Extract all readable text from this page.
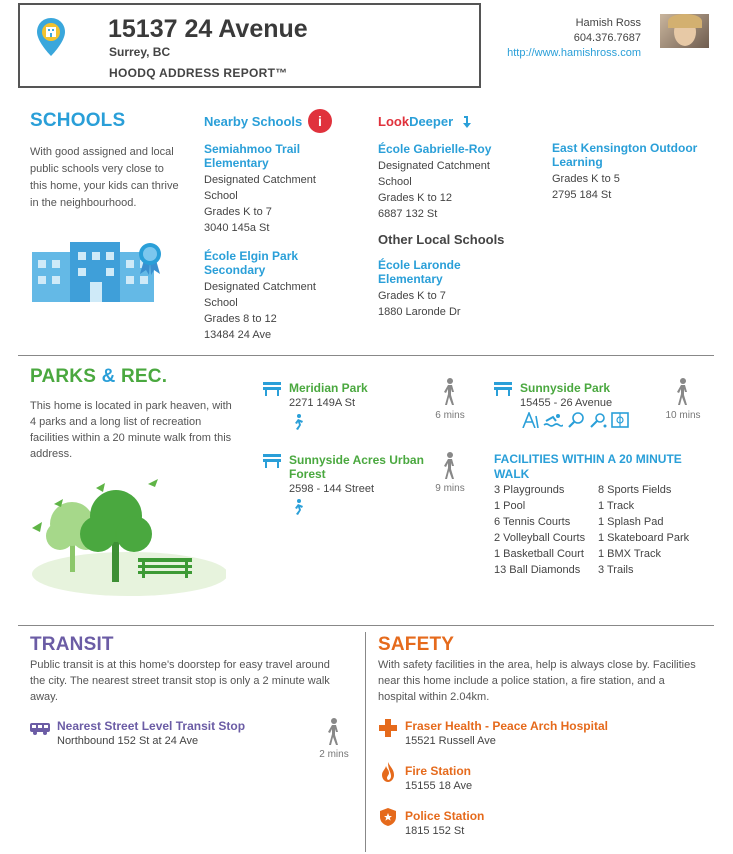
15137 24 Avenue
Surrey, BC
HOODQ ADDRESS REPORT™
Hamish Ross
604.376.7687
http://www.hamishross.com
SCHOOLS
With good assigned and local public schools very close to this home, your kids can thrive in the neighbourhood.
Nearby Schools	i
Semiahmoo Trail Elementary
Designated Catchment
School
Grades K to 7
3040 145a St
École Elgin Park Secondary
Designated Catchment
School
Grades 8 to 12
13484 24 Ave
LookDeeper
École Gabrielle-Roy
Designated Catchment
School
Grades K to 12
6887 132 St
East Kensington Outdoor Learning
Grades K to 5
2795 184 St
Other Local Schools
École Laronde Elementary
Grades K to 7
1880 Laronde Dr
PARKS & REC.
This home is located in park heaven, with 4 parks and a long list of recreation facilities within a 20 minute walk from this address.
Meridian Park
2271 149A St
6 mins
Sunnyside Park
15455 - 26 Avenue
10 mins
Sunnyside Acres Urban Forest
2598 - 144 Street	9 mins
FACILITIES WITHIN A 20 MINUTE WALK
3 Playgrounds
1 Pool
6 Tennis Courts
2 Volleyball Courts
1 Basketball Court
13 Ball Diamonds
8 Sports Fields
1 Track
1 Splash Pad
1 Skateboard Park
1 BMX Track
3 Trails
TRANSIT
Public transit is at this home's doorstep for easy travel around the city. The nearest street transit stop is only a 2 minute walk away.
Nearest Street Level Transit Stop
Northbound 152 St at 24 Ave
2 mins
SAFETY
With safety facilities in the area, help is always close by. Facilities near this home include a police station, a fire station, and a hospital within 2.04km.
Fraser Health - Peace Arch Hospital
15521 Russell Ave
Fire Station
15155 18 Ave
Police Station
1815 152 St
